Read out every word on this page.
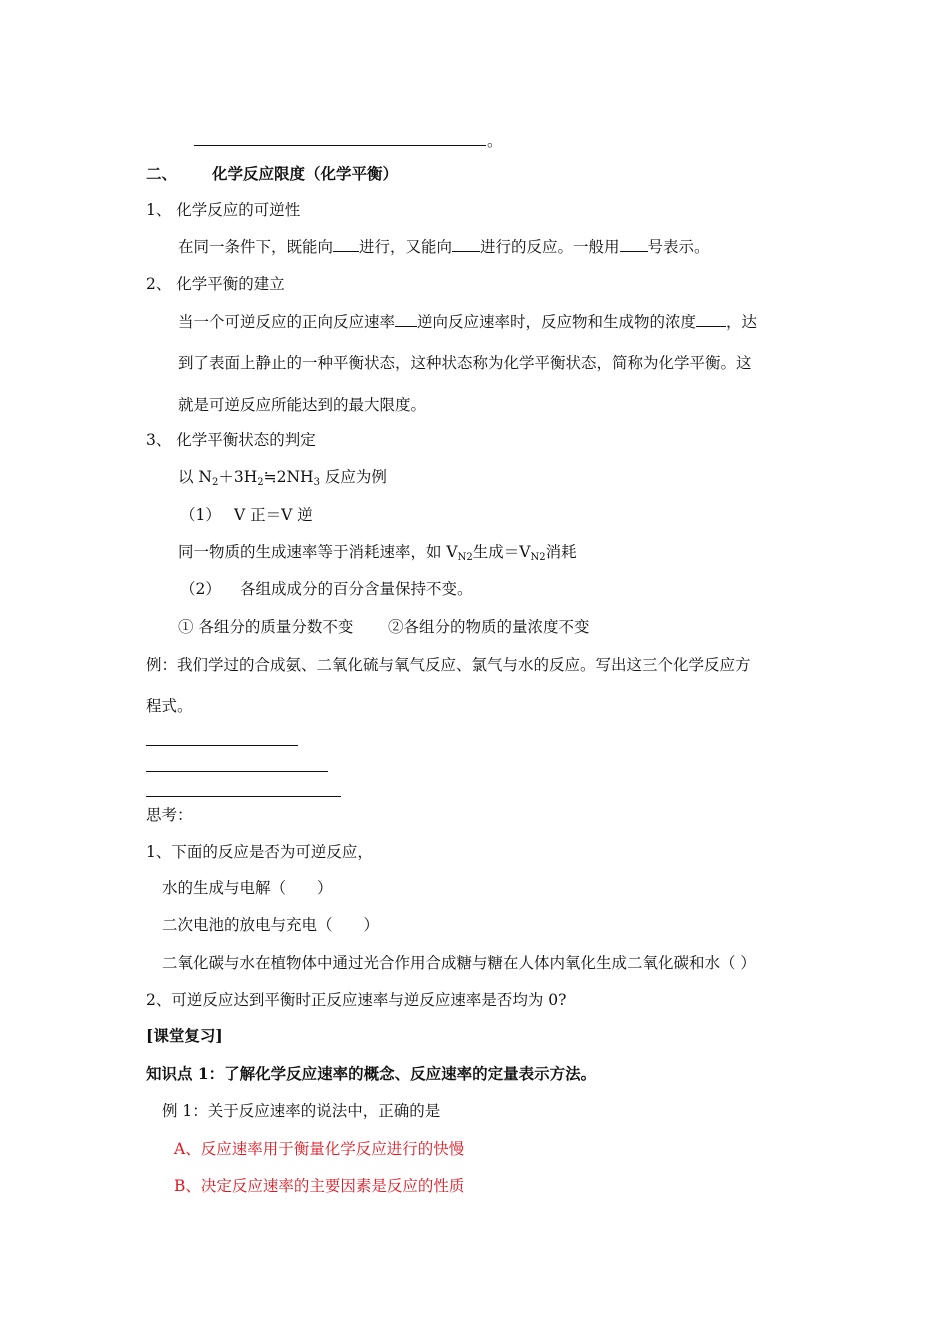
。
二、 化学反应限度（化学平衡）
1、 化学反应的可逆性
在同一条件下，既能向 进行，又能向 进行的反应。一般用 号表示。
2、 化学平衡的建立
当一个可逆反应的正向反应速率 逆向反应速率时，反应物和生成物的浓度 ，达
到了表面上静止的一种平衡状态，这种状态称为化学平衡状态，简称为化学平衡。这
就是可逆反应所能达到的最大限度。
3、 化学平衡状态的判定
以 $N_2+3H_2≒2NH_3$ 反应为例
（1） V 正＝V 逆
同一物质的生成速率等于消耗速率，如 $V_{N2}$生成$=V_{N2}$消耗
（2） 各组成成分的百分含量保持不变。
① 各组分的质量分数不变 ②各组分的物质的量浓度不变
例：我们学过的合成氨、二氧化硫与氧气反应、氯气与水的反应。写出这三个化学反应方
程式。
思考：
1、下面的反应是否为可逆反应，
水的生成与电解（　　）
二次电池的放电与充电（　　）
二氧化碳与水在植物体中通过光合作用合成糖与糖在人体内氧化生成二氧化碳和水（ ）
2、可逆反应达到平衡时正反应速率与逆反应速率是否均为 0?
[课堂复习]
知识点 1：了解化学反应速率的概念、反应速率的定量表示方法。
例 1：关于反应速率的说法中，正确的是
A、反应速率用于衡量化学反应进行的快慢
B、决定反应速率的主要因素是反应的性质
